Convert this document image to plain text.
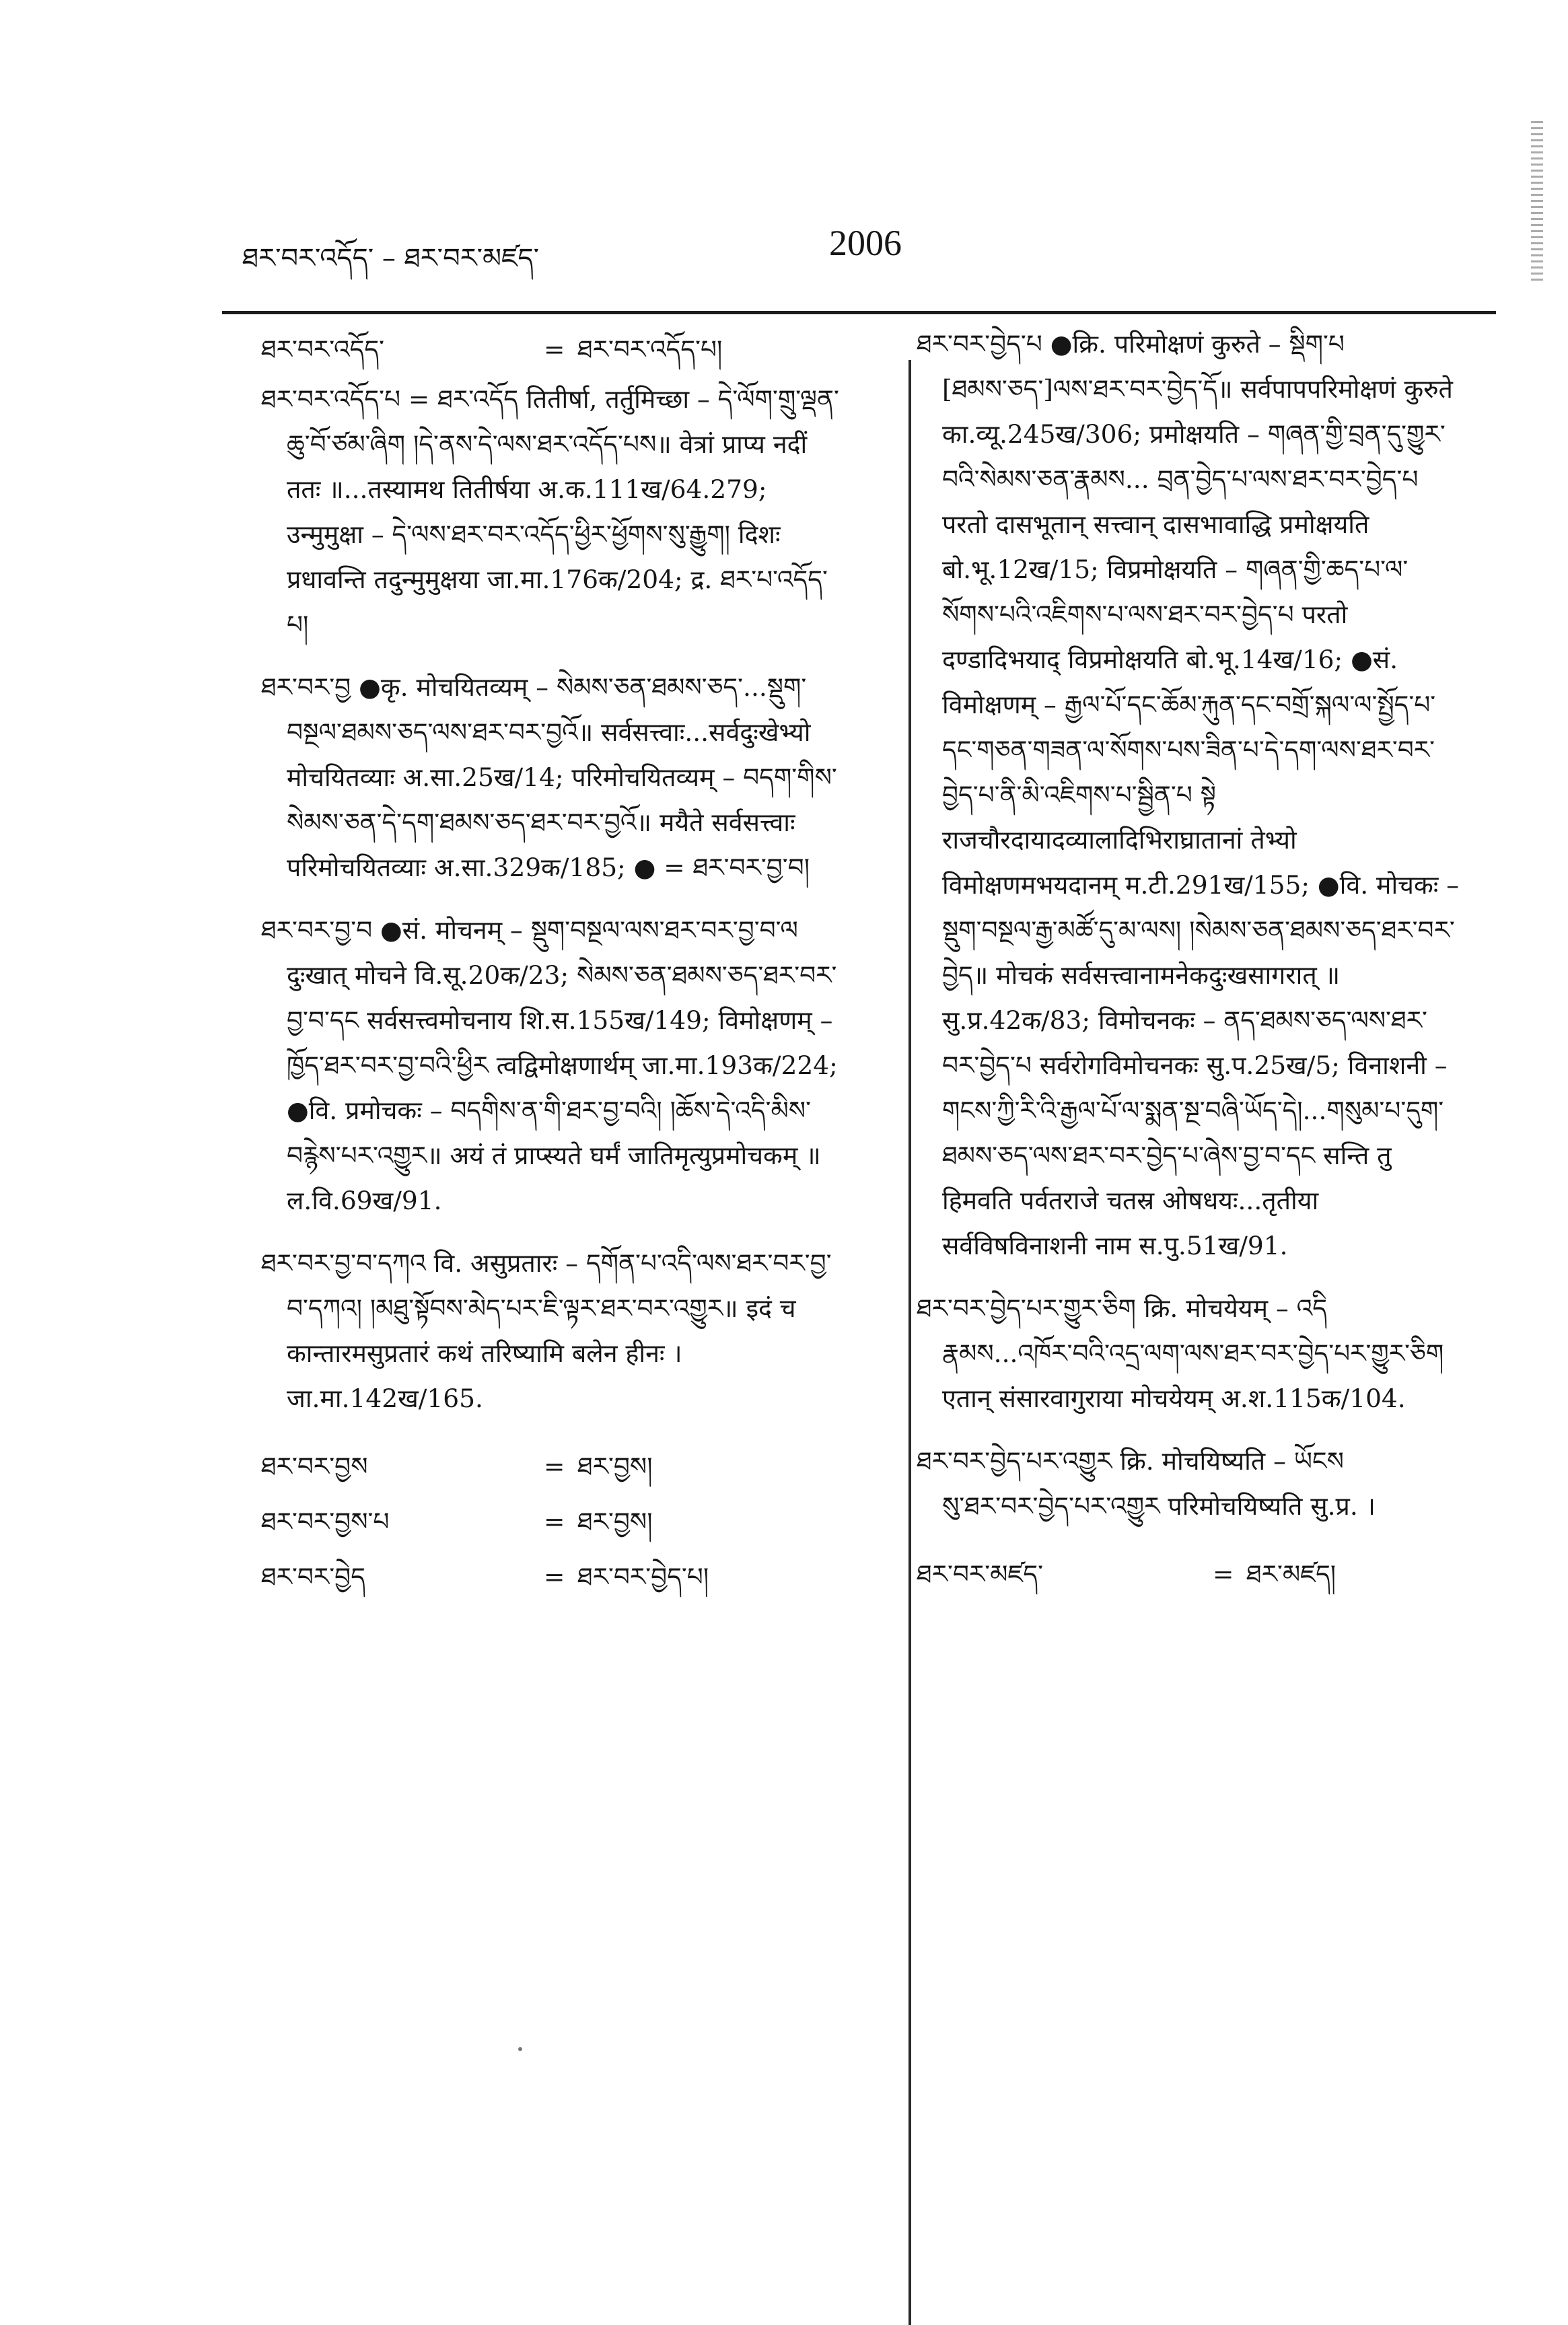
ཐར་བར་འདོད་ – ཐར་བར་མཛད་	2006
ཐར་བར་འདོད་	= ཐར་བར་འདོད་པ།
ཐར་བར་འདོད་པ = ཐར་འདོད तितीर्षा, तर्तुमिच्छा – དེ་ལོག་གྲུ་ལྡན་ཆུ་བོ་ཙམ་ཞིག །དེ་ནས་དེ་ལས་ཐར་འདོད་པས॥ वेत्रां प्राप्य नदीं ततः ॥...तस्यामथ तितीर्षया अ.क.111ख/64.279; उन्मुमुक्षा – དེ་ལས་ཐར་བར་འདོད་ཕྱིར་ཕྱོགས་སུ་རྒྱུག། दिशः प्रधावन्ति तदुन्मुमुक्षया जा.मा.176क/204; द्र. ཐར་པ་འདོད་པ།
ཐར་བར་བྱ ●कृ. मोचयितव्यम् – སེམས་ཅན་ཐམས་ཅད་...སྡུག་བསྔལ་ཐམས་ཅད་ལས་ཐར་བར་བྱའོ॥ सर्वसत्त्वाः...सर्वदुःखेभ्यो मोचयितव्याः अ.सा.25ख/14; परिमोचयितव्यम् – བདག་གིས་སེམས་ཅན་དེ་དག་ཐམས་ཅད་ཐར་བར་བྱའོ॥ मयैते सर्वसत्त्वाः परिमोचयितव्याः अ.सा.329क/185; ● = ཐར་བར་བྱ་བ།
ཐར་བར་བྱ་བ ●सं. मोचनम् – སྡུག་བསྔལ་ལས་ཐར་བར་བྱ་བ་ལ दुःखात् मोचने वि.सू.20क/23; སེམས་ཅན་ཐམས་ཅད་ཐར་བར་བྱ་བ་དང सर्वसत्त्वमोचनाय शि.स.155ख/149; विमोक्षणम् – ཁྱོད་ཐར་བར་བྱ་བའི་ཕྱིར त्वद्विमोक्षणार्थम् जा.मा.193क/224; ●वि. प्रमोचकः – བདགིས་ན་གི་ཐར་བྱ་བའི། །ཆོས་དེ་འདི་མིས་བརྙེས་པར་འགྱུར॥ अयं तं प्राप्स्यते घर्मं जातिमृत्युप्रमोचकम् ॥ ल.वि.69ख/91.
ཐར་བར་བྱ་བ་དཀའ वि. असुप्रतारः – དགོན་པ་འདི་ལས་ཐར་བར་བྱ་བ་དཀའ། །མཐུ་སྟོབས་མེད་པར་ཇི་ལྟར་ཐར་བར་འགྱུར॥ इदं च कान्तारमसुप्रतारं कथं तरिष्यामि बलेन हीनः । जा.मा.142ख/165.
ཐར་བར་བྱས	= ཐར་བྱས།
ཐར་བར་བྱས་པ	= ཐར་བྱས།
ཐར་བར་བྱེད	= ཐར་བར་བྱེད་པ།
ཐར་བར་བྱེད་པ ●क्रि. परिमोक्षणं कुरुते – སྡིག་པ
[ཐམས་ཅད་]ལས་ཐར་བར་བྱེད་དོ॥ सर्वपापपरिमोक्षणं कुरुते का.व्यू.245ख/306; प्रमोक्षयति – གཞན་གྱི་བྲན་དུ་གྱུར་བའི་སེམས་ཅན་རྣམས... བྲན་བྱེད་པ་ལས་ཐར་བར་བྱེད་པ परतो दासभूतान् सत्त्वान् दासभावाद्धि प्रमोक्षयति बो.भू.12ख/15; विप्रमोक्षयति – གཞན་གྱི་ཆད་པ་ལ་སོགས་པའི་འཇིགས་པ་ལས་ཐར་བར་བྱེད་པ परतो दण्डादिभयाद् विप्रमोक्षयति बो.भू.14ख/16; ●सं. विमोक्षणम् – རྒྱལ་པོ་དང་ཆོམ་རྐུན་དང་བགྲོ་སྐལ་ལ་སྤྱོད་པ་དང་གཅན་གཟན་ལ་སོགས་པས་ཟིན་པ་དེ་དག་ལས་ཐར་བར་བྱེད་པ་ནི་མི་འཇིགས་པ་སྦྱིན་པ སྟེ राजचौरदायादव्यालादिभिराघ्रातानां तेभ्यो विमोक्षणमभयदानम् म.टी.291ख/155; ●वि. मोचकः – སྡུག་བསྔལ་རྒྱ་མཚོ་དུ་མ་ལས། །སེམས་ཅན་ཐམས་ཅད་ཐར་བར་བྱེད॥ मोचकं सर्वसत्त्वानामनेकदुःखसागरात् ॥ सु.प्र.42क/83; विमोचनकः – ནད་ཐམས་ཅད་ལས་ཐར་བར་བྱེད་པ सर्वरोगविमोचनकः सु.प.25ख/5; विनाशनी – གངས་ཀྱི་རི་འི་རྒྱལ་པོ་ལ་སྨན་སྔ་བཞི་ཡོད་དེ།...གསུམ་པ་དུག་ཐམས་ཅད་ལས་ཐར་བར་བྱེད་པ་ཞེས་བྱ་བ་དང सन्ति तु हिमवति पर्वतराजे चतस्र ओषधयः...तृतीया सर्वविषविनाशनी नाम स.पु.51ख/91.
ཐར་བར་བྱེད་པར་གྱུར་ཅིག क्रि. मोचयेयम् – འདི
རྣམས...འཁོར་བའི་འདྲ་ལག་ལས་ཐར་བར་བྱེད་པར་གྱུར་ཅིག एतान् संसारवागुराया मोचयेयम् अ.श.115क/104.
ཐར་བར་བྱེད་པར་འགྱུར क्रि. मोचयिष्यति – ཡོངས
སུ་ཐར་བར་བྱེད་པར་འགྱུར परिमोचयिष्यति सु.प्र. ।
ཐར་བར་མཛད་	= ཐར་མཛད།
